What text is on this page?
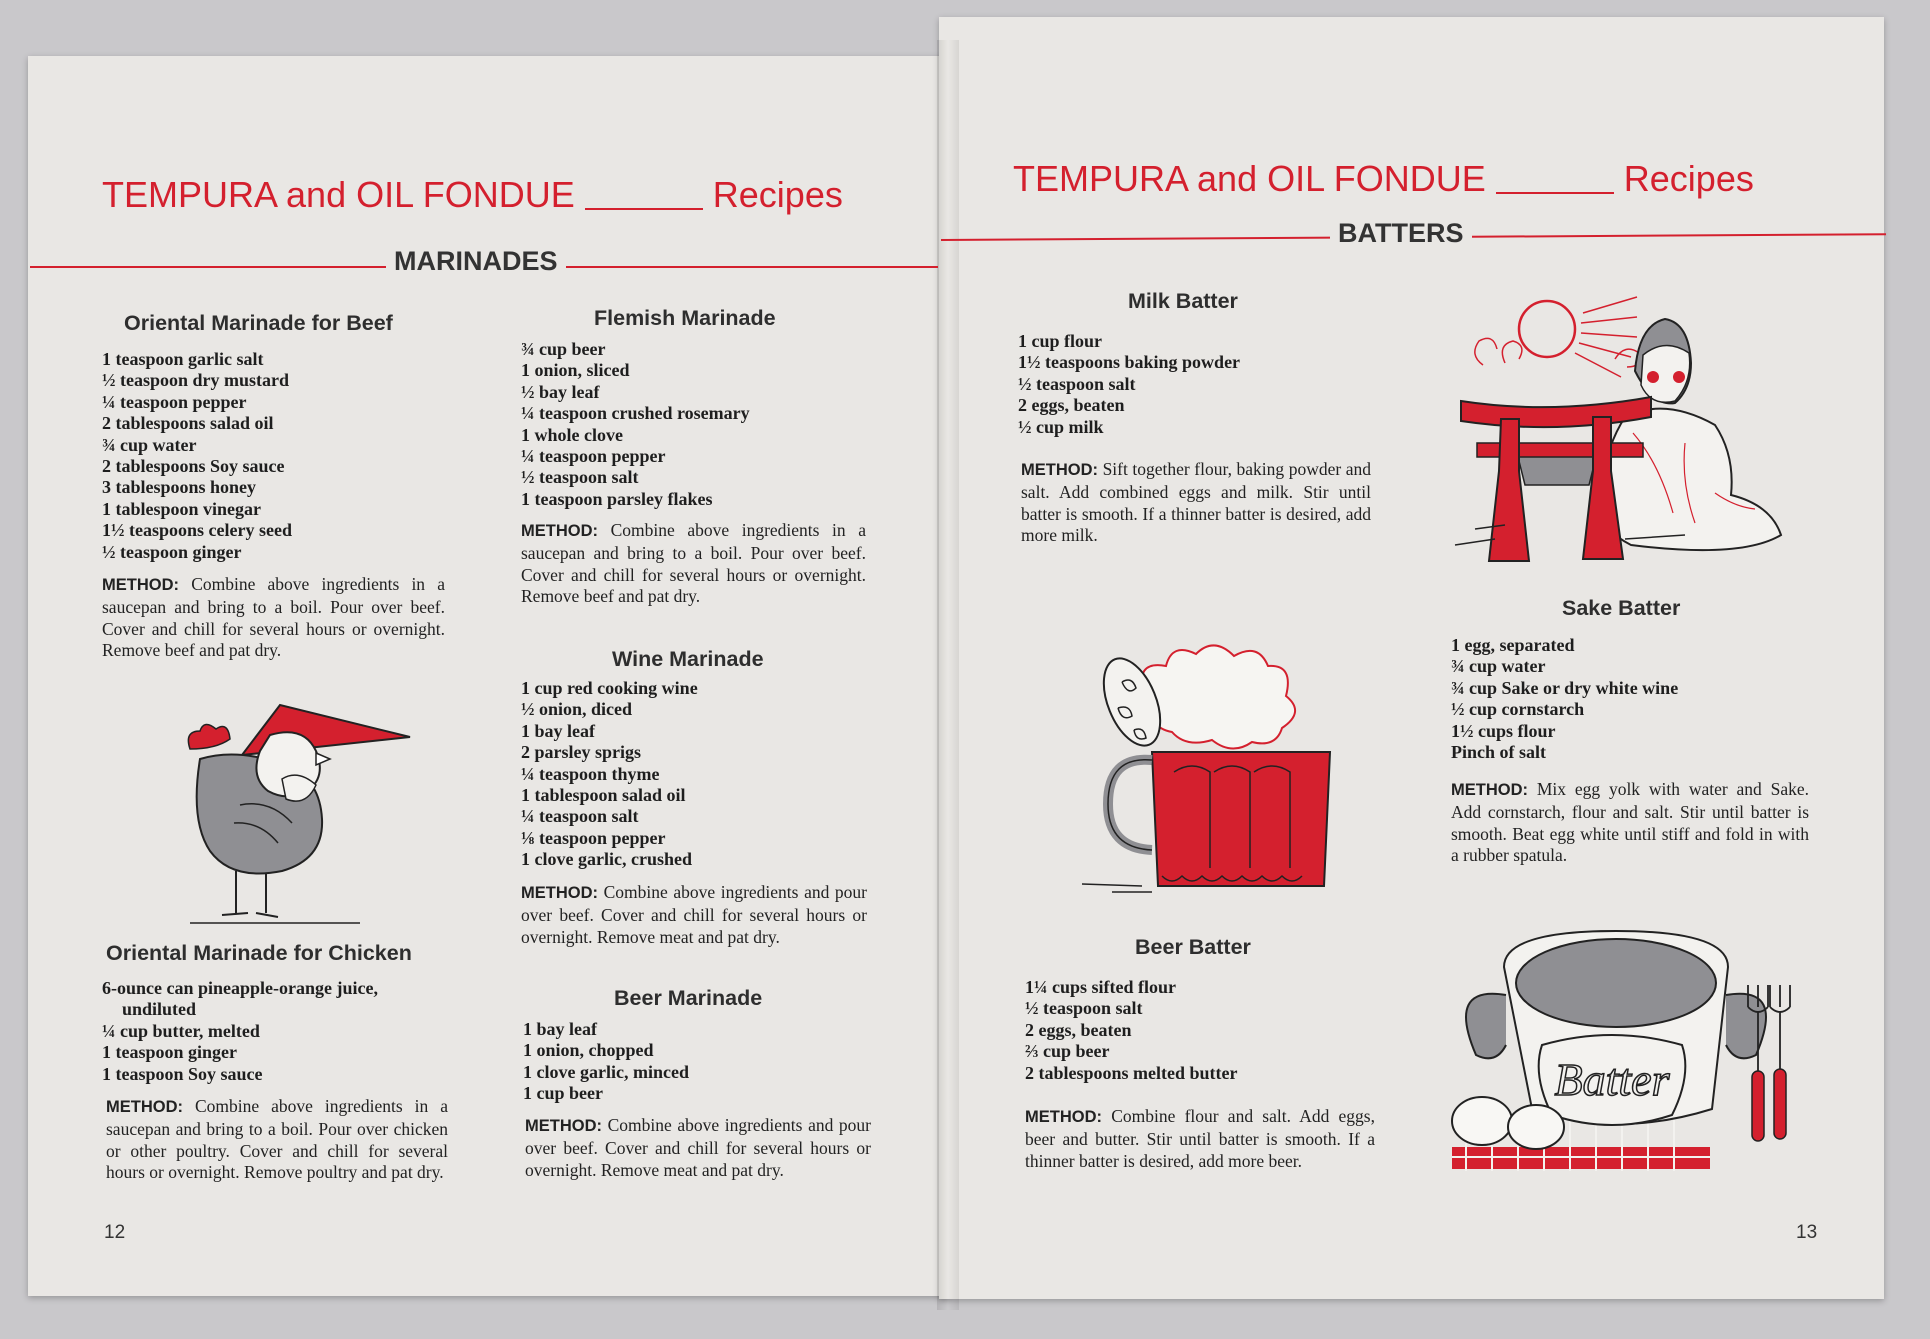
TEMPURA and OIL FONDUE	Recipes
MARINADES
Oriental Marinade for Beef
1 teaspoon garlic salt
½ teaspoon dry mustard
¼ teaspoon pepper
2 tablespoons salad oil
¾ cup water
2 tablespoons Soy sauce
3 tablespoons honey
1 tablespoon vinegar
1½ teaspoons celery seed
½ teaspoon ginger
METHOD: Combine above ingredients in a saucepan and bring to a boil. Pour over beef. Cover and chill for several hours or overnight. Remove beef and pat dry.
Oriental Marinade for Chicken
6-ounce can pineapple-orange juice,
undiluted
¼ cup butter, melted
1 teaspoon ginger
1 teaspoon Soy sauce
METHOD: Combine above ingredients in a saucepan and bring to a boil. Pour over chicken or other poultry. Cover and chill for several hours or overnight. Remove poultry and pat dry.
Flemish Marinade
¾ cup beer
1 onion, sliced
½ bay leaf
¼ teaspoon crushed rosemary
1 whole clove
¼ teaspoon pepper
½ teaspoon salt
1 teaspoon parsley flakes
METHOD: Combine above ingredients in a saucepan and bring to a boil. Pour over beef. Cover and chill for several hours or overnight. Remove beef and pat dry.
Wine Marinade
1 cup red cooking wine
½ onion, diced
1 bay leaf
2 parsley sprigs
¼ teaspoon thyme
1 tablespoon salad oil
¼ teaspoon salt
⅛ teaspoon pepper
1 clove garlic, crushed
METHOD: Combine above ingredients and pour over beef. Cover and chill for several hours or overnight. Remove meat and pat dry.
Beer Marinade
1 bay leaf
1 onion, chopped
1 clove garlic, minced
1 cup beer
METHOD: Combine above ingredients and pour over beef. Cover and chill for several hours or overnight. Remove meat and pat dry.
12
TEMPURA and OIL FONDUE	Recipes
BATTERS
Milk Batter
1 cup flour
1½ teaspoons baking powder
½ teaspoon salt
2 eggs, beaten
½ cup milk
METHOD: Sift together flour, baking powder and salt. Add combined eggs and milk. Stir until batter is smooth. If a thinner batter is desired, add more milk.
Sake Batter
1 egg, separated
¾ cup water
¾ cup Sake or dry white wine
½ cup cornstarch
1½ cups flour
Pinch of salt
METHOD: Mix egg yolk with water and Sake. Add cornstarch, flour and salt. Stir until batter is smooth. Beat egg white until stiff and fold in with a rubber spatula.
Beer Batter
1¼ cups sifted flour
½ teaspoon salt
2 eggs, beaten
⅔ cup beer
2 tablespoons melted butter
METHOD: Combine flour and salt. Add eggs, beer and butter. Stir until batter is smooth. If a thinner batter is desired, add more beer.
Batter
13
